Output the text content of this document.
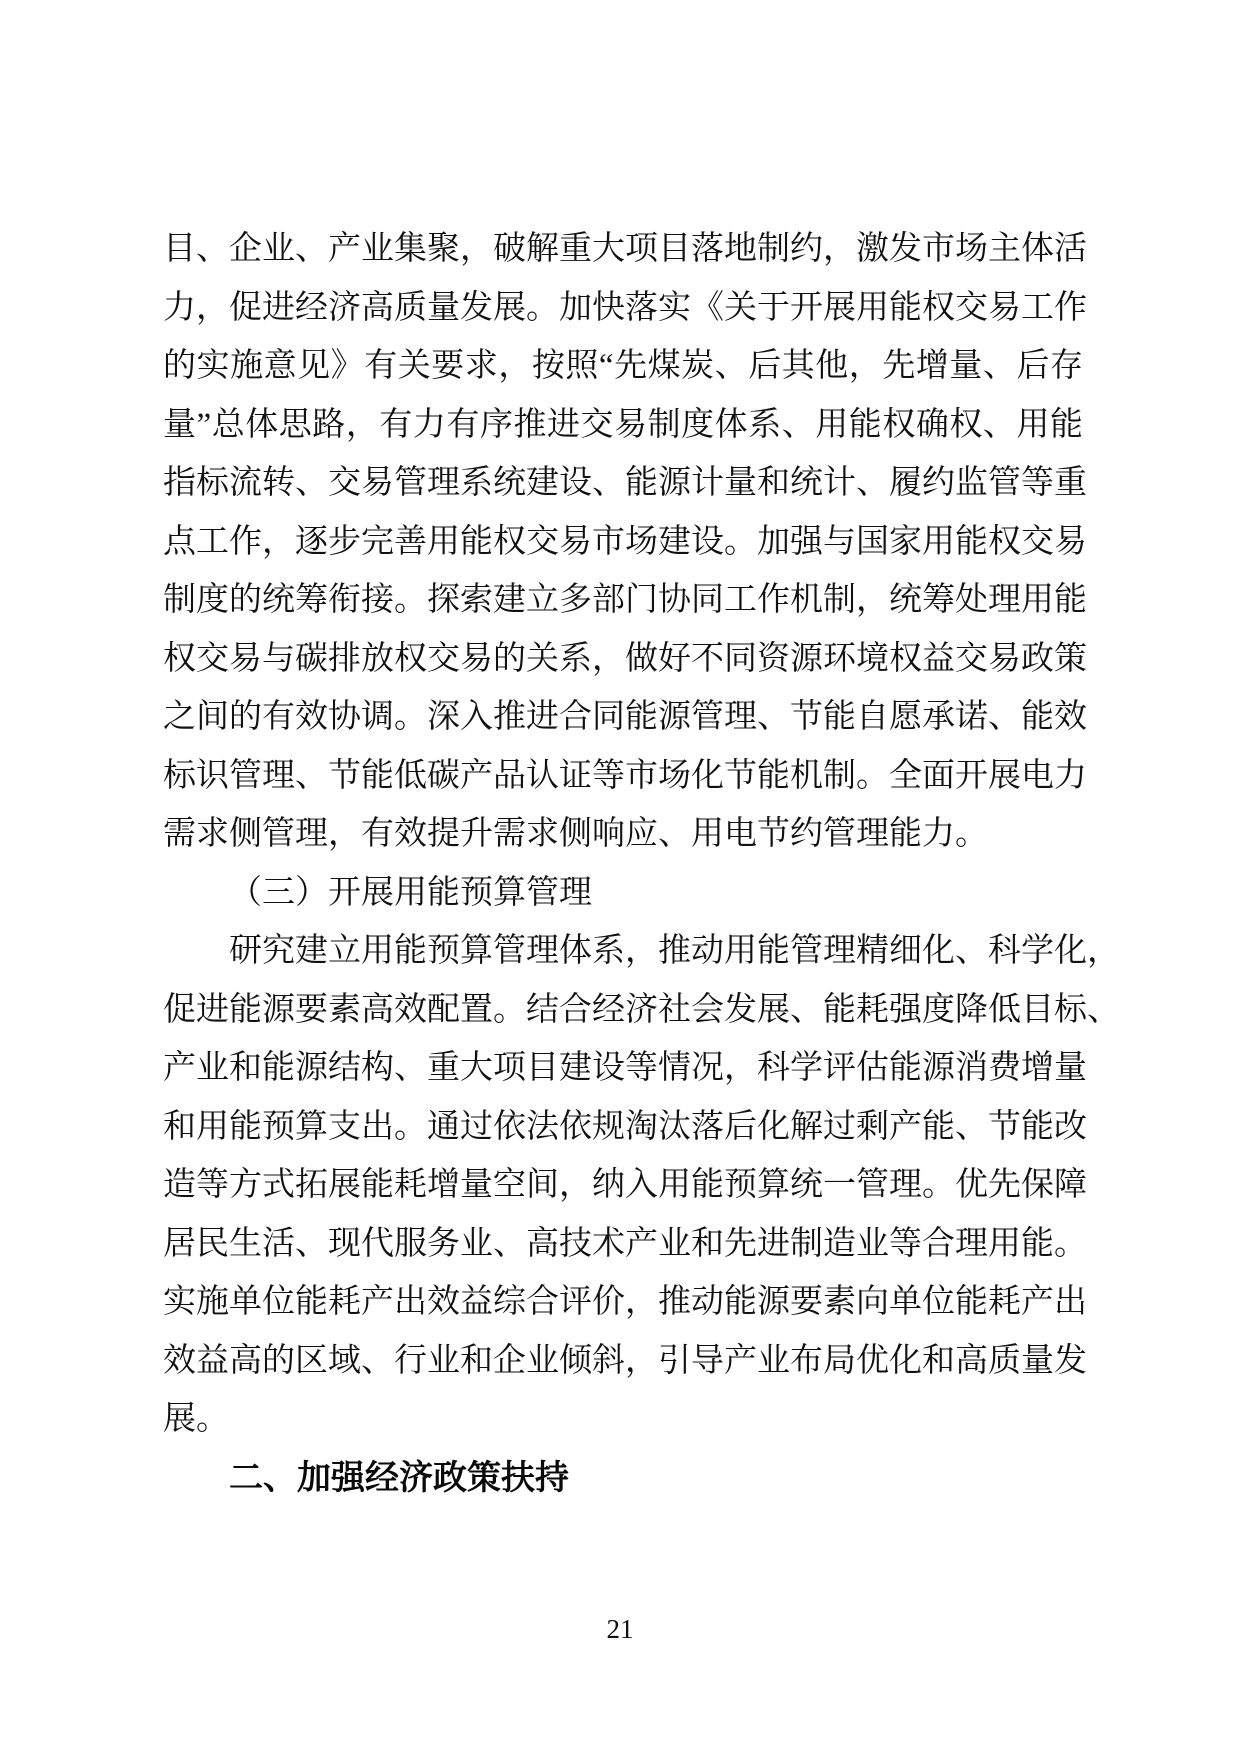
目、企业、产业集聚，破解重大项目落地制约，激发市场主体活
力，促进经济高质量发展。加快落实《关于开展用能权交易工作
的实施意见》有关要求，按照“先煤炭、后其他，先增量、后存
量”总体思路，有力有序推进交易制度体系、用能权确权、用能
指标流转、交易管理系统建设、能源计量和统计、履约监管等重
点工作，逐步完善用能权交易市场建设。加强与国家用能权交易
制度的统筹衔接。探索建立多部门协同工作机制，统筹处理用能
权交易与碳排放权交易的关系，做好不同资源环境权益交易政策
之间的有效协调。深入推进合同能源管理、节能自愿承诺、能效
标识管理、节能低碳产品认证等市场化节能机制。全面开展电力
需求侧管理，有效提升需求侧响应、用电节约管理能力。
（三）开展用能预算管理
研究建立用能预算管理体系，推动用能管理精细化、科学化，
促进能源要素高效配置。结合经济社会发展、能耗强度降低目标、
产业和能源结构、重大项目建设等情况，科学评估能源消费增量
和用能预算支出。通过依法依规淘汰落后化解过剩产能、节能改
造等方式拓展能耗增量空间，纳入用能预算统一管理。优先保障
居民生活、现代服务业、高技术产业和先进制造业等合理用能。
实施单位能耗产出效益综合评价，推动能源要素向单位能耗产出
效益高的区域、行业和企业倾斜，引导产业布局优化和高质量发
展。
二、加强经济政策扶持
21
